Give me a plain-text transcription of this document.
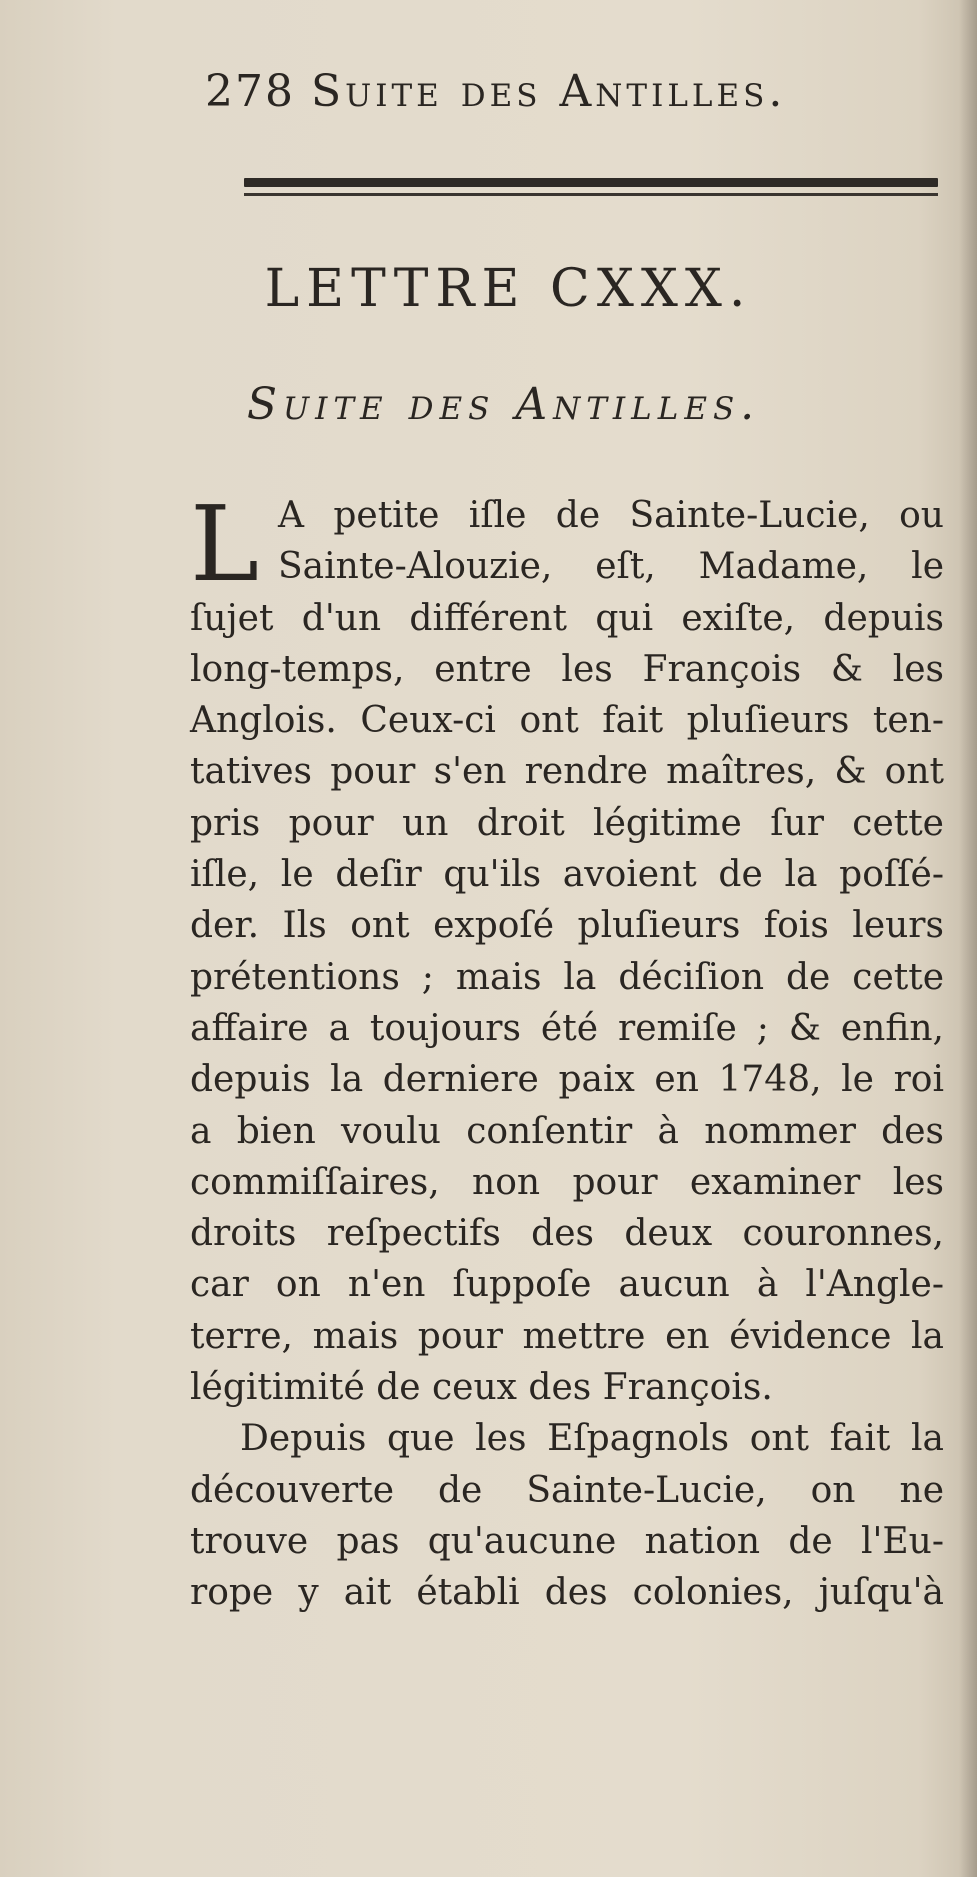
278 Suite des Antilles.
LETTRE CXXX.
Suite des Antilles.
L A petite iſle de Sainte-Lucie, ou
Sainte-Alouzie, eſt, Madame, le
ſujet d'un différent qui exiſte, depuis
long-temps, entre les François & les
Anglois. Ceux-ci ont fait pluſieurs ten-
tatives pour s'en rendre maîtres, & ont
pris pour un droit légitime ſur cette
iſle, le deſir qu'ils avoient de la poſſé-
der. Ils ont expoſé pluſieurs fois leurs
prétentions ; mais la déciſion de cette
affaire a toujours été remiſe ; & enfin,
depuis la derniere paix en 1748, le roi
a bien voulu conſentir à nommer des
commiſſaires, non pour examiner les
droits reſpectifs des deux couronnes,
car on n'en ſuppoſe aucun à l'Angle-
terre, mais pour mettre en évidence la
légitimité de ceux des François.
Depuis que les Eſpagnols ont fait la
découverte de Sainte-Lucie, on ne
trouve pas qu'aucune nation de l'Eu-
rope y ait établi des colonies, juſqu'à
